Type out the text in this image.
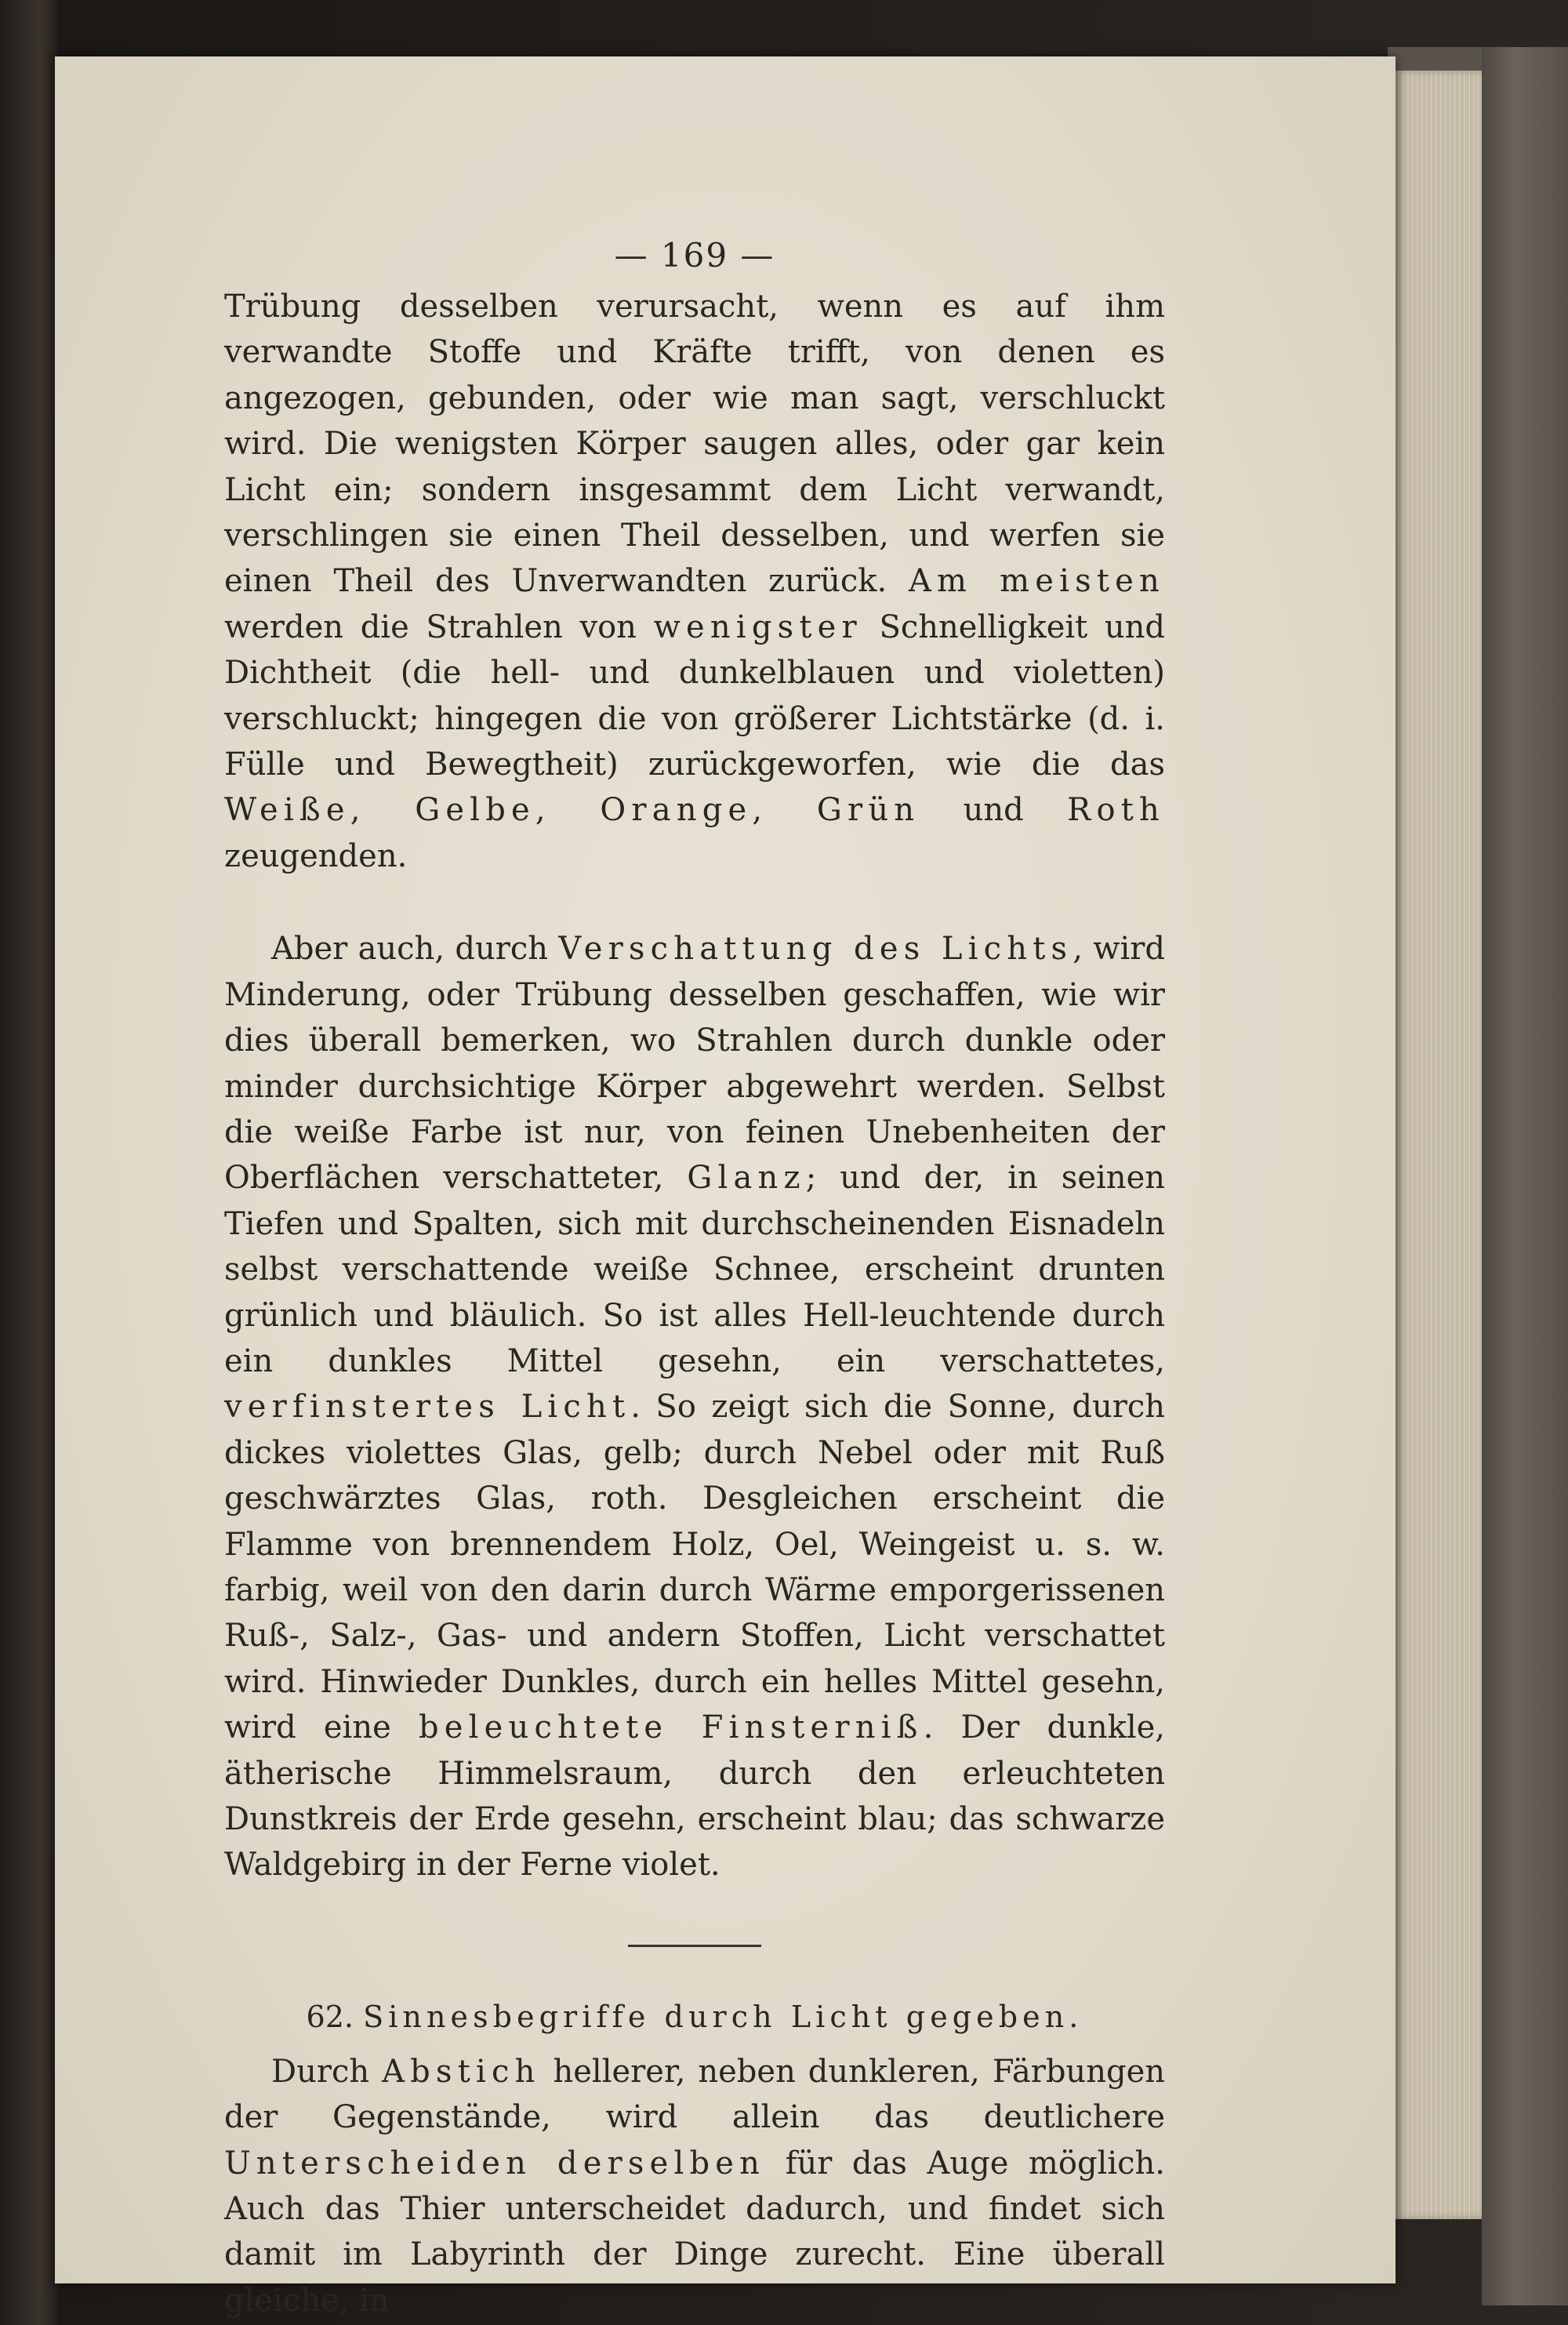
— 169 —

Trübung desselben verursacht, wenn es auf ihm verwandte Stoffe und Kräfte trifft, von denen es angezogen, gebunden, oder wie man sagt, verschluckt wird. Die wenigsten Körper saugen alles, oder gar kein Licht ein; sondern insgesammt dem Licht verwandt, verschlingen sie einen Theil desselben, und werfen sie einen Theil des Unverwandten zurück. Am meisten werden die Strahlen von wenigster Schnelligkeit und Dichtheit (die hell- und dunkelblauen und violetten) verschluckt; hingegen die von größerer Lichtstärke (d. i. Fülle und Bewegtheit) zurückgeworfen, wie die das Weiße, Gelbe, Orange, Grün und Roth zeugenden.

Aber auch, durch Verschattung des Lichts, wird Minderung, oder Trübung desselben geschaffen, wie wir dies überall bemerken, wo Strahlen durch dunkle oder minder durchsichtige Körper abgewehrt werden. Selbst die weiße Farbe ist nur, von feinen Unebenheiten der Oberflächen verschatteter, Glanz; und der, in seinen Tiefen und Spalten, sich mit durchscheinenden Eisnadeln selbst verschattende weiße Schnee, erscheint drunten grünlich und bläulich. So ist alles Hell-leuchtende durch ein dunkles Mittel gesehn, ein verschattetes, verfinstertes Licht. So zeigt sich die Sonne, durch dickes violettes Glas, gelb; durch Nebel oder mit Ruß geschwärztes Glas, roth. Desgleichen erscheint die Flamme von brennendem Holz, Oel, Weingeist u. s. w. farbig, weil von den darin durch Wärme emporgerissenen Ruß-, Salz-, Gas- und andern Stoffen, Licht verschattet wird. Hinwieder Dunkles, durch ein helles Mittel gesehn, wird eine beleuchtete Finsterniß. Der dunkle, ätherische Himmelsraum, durch den erleuchteten Dunstkreis der Erde gesehn, erscheint blau; das schwarze Waldgebirg in der Ferne violet.

62. Sinnesbegriffe durch Licht gegeben.

Durch Abstich hellerer, neben dunkleren, Färbungen der Gegenstände, wird allein das deutlichere Unterscheiden derselben für das Auge möglich. Auch das Thier unterscheidet dadurch, und findet sich damit im Labyrinth der Dinge zurecht. Eine überall gleiche, in
